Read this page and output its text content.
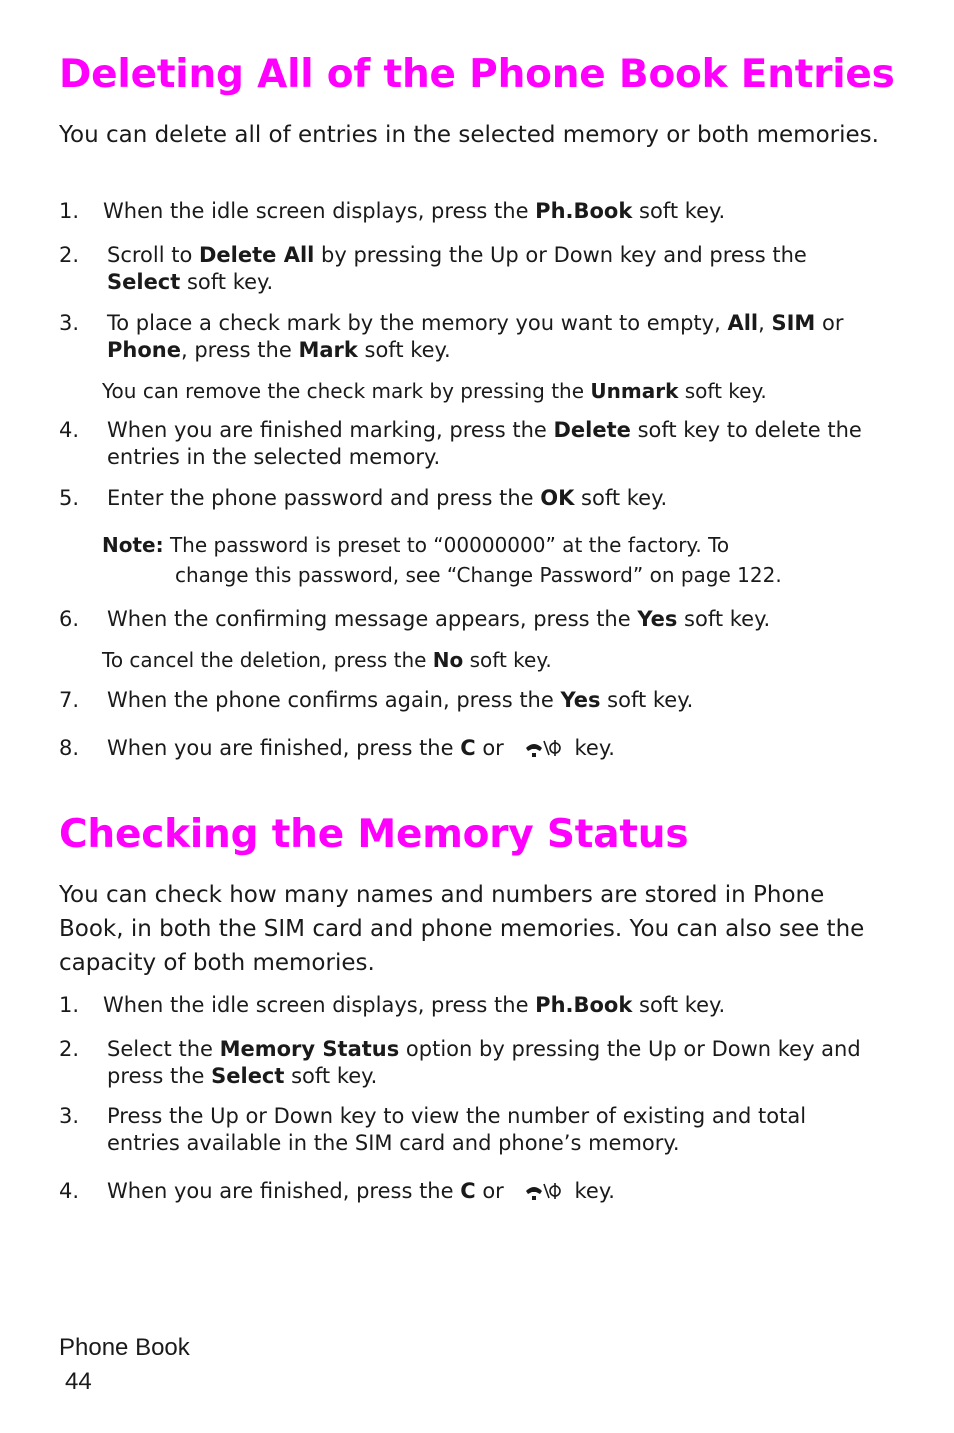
Deleting All of the Phone Book Entries

You can delete all of entries in the selected memory or both memories.

1. When the idle screen displays, press the Ph.Book soft key.
2. Scroll to Delete All by pressing the Up or Down key and press the Select soft key.
3. To place a check mark by the memory you want to empty, All, SIM or Phone, press the Mark soft key.

You can remove the check mark by pressing the Unmark soft key.

4. When you are finished marking, press the Delete soft key to delete the entries in the selected memory.
5. Enter the phone password and press the OK soft key.
Note: The password is preset to “00000000” at the factory. To
change this password, see “Change Password” on page 122.
6. When the confirming message appears, press the Yes soft key.

To cancel the deletion, press the No soft key.

7. When the phone confirms again, press the Yes soft key.
8. When you are finished, press the C or	key.
Checking the Memory Status

You can check how many names and numbers are stored in Phone Book, in both the SIM card and phone memories. You can also see the capacity of both memories.

1. When the idle screen displays, press the Ph.Book soft key.
2. Select the Memory Status option by pressing the Up or Down key and press the Select soft key.
3. Press the Up or Down key to view the number of existing and total entries available in the SIM card and phone’s memory.
4. When you are finished, press the C or	key.
Phone Book
44
